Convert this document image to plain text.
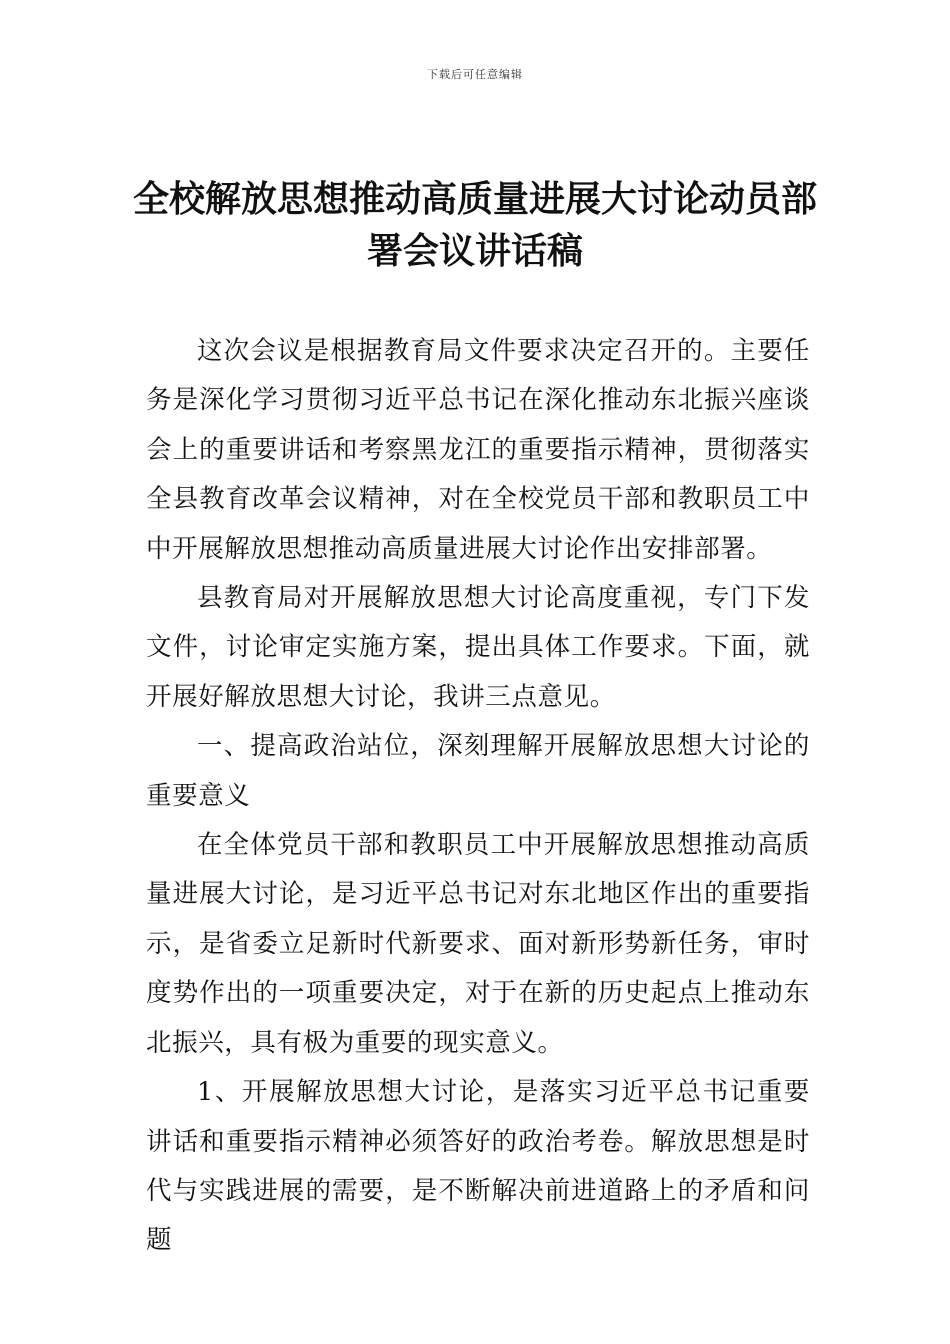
下载后可任意编辑
全校解放思想推动高质量进展大讨论动员部署会议讲话稿

这次会议是根据教育局文件要求决定召开的。主要任务是深化学习贯彻习近平总书记在深化推动东北振兴座谈会上的重要讲话和考察黑龙江的重要指示精神，贯彻落实全县教育改革会议精神，对在全校党员干部和教职员工中中开展解放思想推动高质量进展大讨论作出安排部署。

县教育局对开展解放思想大讨论高度重视，专门下发文件，讨论审定实施方案，提出具体工作要求。下面，就开展好解放思想大讨论，我讲三点意见。

一、提高政治站位，深刻理解开展解放思想大讨论的重要意义

在全体党员干部和教职员工中开展解放思想推动高质量进展大讨论，是习近平总书记对东北地区作出的重要指示，是省委立足新时代新要求、面对新形势新任务，审时度势作出的一项重要决定，对于在新的历史起点上推动东北振兴，具有极为重要的现实意义。

1、开展解放思想大讨论，是落实习近平总书记重要讲话和重要指示精神必须答好的政治考卷。解放思想是时代与实践进展的需要，是不断解决前进道路上的矛盾和问题
